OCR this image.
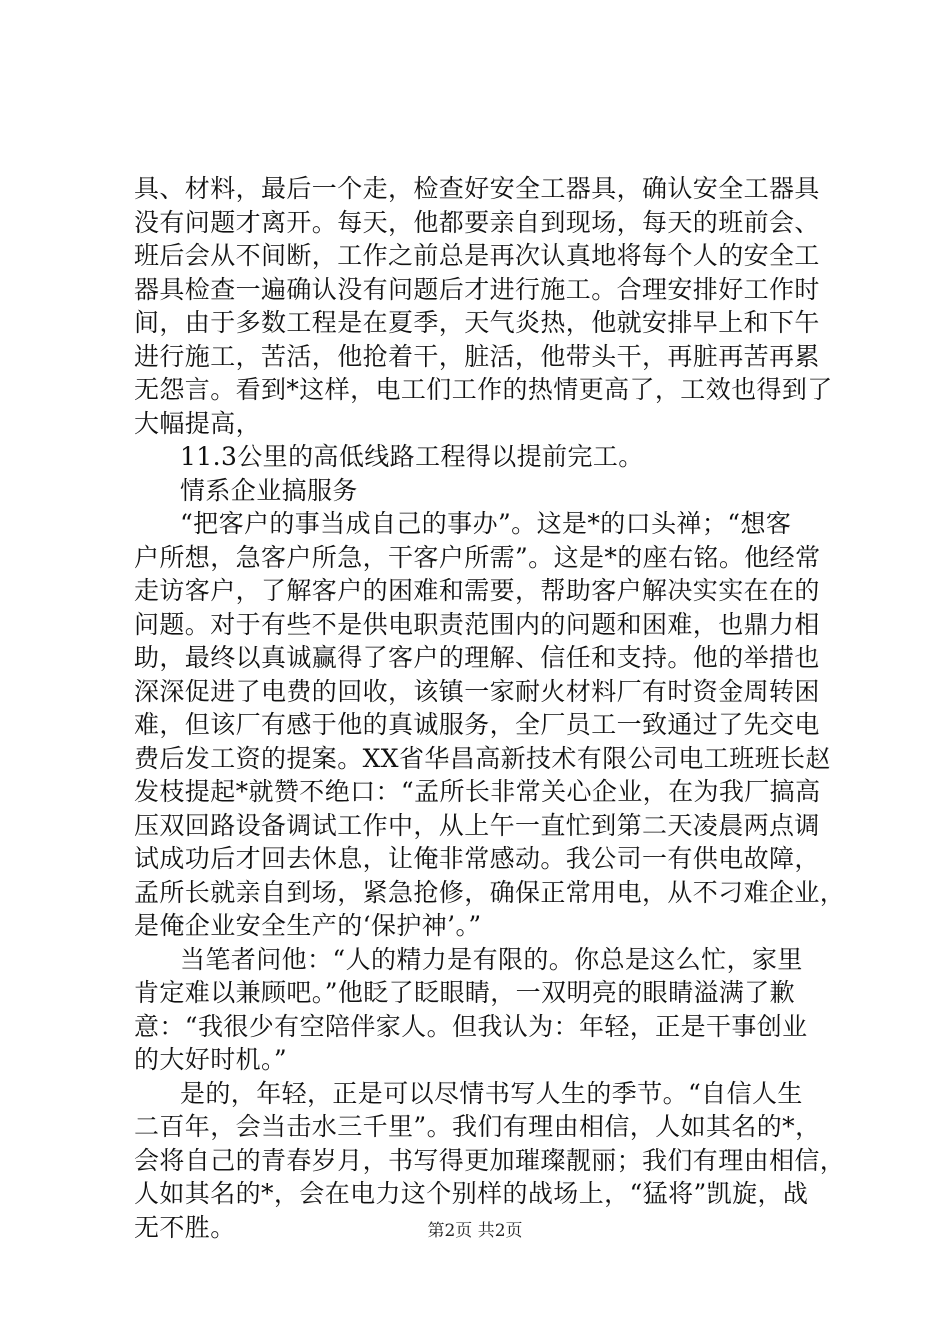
具、材料，最后一个走，检查好安全工器具，确认安全工器具
没有问题才离开。每天，他都要亲自到现场，每天的班前会、
班后会从不间断，工作之前总是再次认真地将每个人的安全工
器具检查一遍确认没有问题后才进行施工。合理安排好工作时
间，由于多数工程是在夏季，天气炎热，他就安排早上和下午
进行施工，苦活，他抢着干，脏活，他带头干，再脏再苦再累
无怨言。看到*这样，电工们工作的热情更高了，工效也得到了
大幅提高，
11.3公里的高低线路工程得以提前完工。
情系企业搞服务
“把客户的事当成自己的事办”。这是*的口头禅；“想客
户所想，急客户所急，干客户所需”。这是*的座右铭。他经常
走访客户，了解客户的困难和需要，帮助客户解决实实在在的
问题。对于有些不是供电职责范围内的问题和困难，也鼎力相
助，最终以真诚赢得了客户的理解、信任和支持。他的举措也
深深促进了电费的回收，该镇一家耐火材料厂有时资金周转困
难，但该厂有感于他的真诚服务，全厂员工一致通过了先交电
费后发工资的提案。XX省华昌高新技术有限公司电工班班长赵
发枝提起*就赞不绝口：“孟所长非常关心企业，在为我厂搞高
压双回路设备调试工作中，从上午一直忙到第二天凌晨两点调
试成功后才回去休息，让俺非常感动。我公司一有供电故障，
孟所长就亲自到场，紧急抢修，确保正常用电，从不刁难企业，
是俺企业安全生产的‘保护神’。”
当笔者问他：“人的精力是有限的。你总是这么忙，家里
肯定难以兼顾吧。”他眨了眨眼睛，一双明亮的眼睛溢满了歉
意：“我很少有空陪伴家人。但我认为：年轻，正是干事创业
的大好时机。”
是的，年轻，正是可以尽情书写人生的季节。“自信人生
二百年，会当击水三千里”。我们有理由相信，人如其名的*，
会将自己的青春岁月，书写得更加璀璨靓丽；我们有理由相信，
人如其名的*，会在电力这个别样的战场上，“猛将”凯旋，战
无不胜。	第2页 共2页
